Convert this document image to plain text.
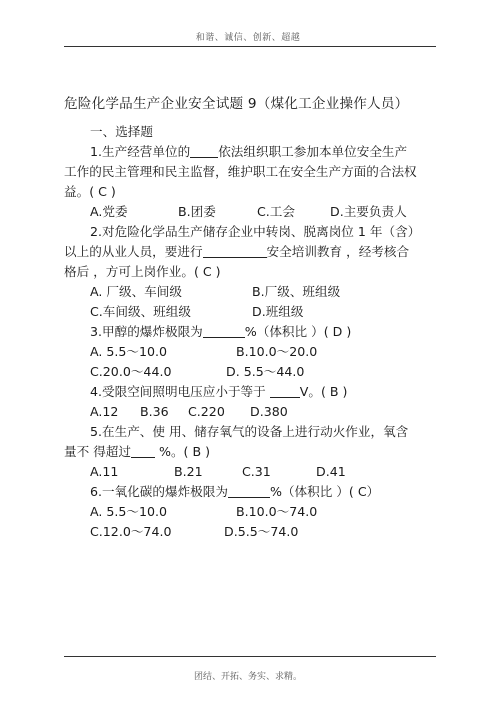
和谐、诚信、创新、超越
危险化学品生产企业安全试题 9（煤化工企业操作人员）
一、选择题
1.生产经营单位的 依法组织职工参加本单位安全生产
工作的民主管理和民主监督，维护职工在安全生产方面的合法权
益。( C )
A.党委	B.团委	C.工会	D.主要负责人
2.对危险化学品生产储存企业中转岗、脱离岗位 1 年（含）
以上的从业人员，要进行	安全培训教育 ，经考核合
格后 ，方可上岗作业。( C )
A. 厂级、车间级	B.厂级、班组级
C.车间级、班组级	D.班组级
3.甲醇的爆炸极限为	%（体积比 ）( D )
A. 5.5～10.0	B.10.0～20.0
C.20.0～44.0	D. 5.5～44.0
4.受限空间照明电压应小于等于 V。( B )
A.12 B.36 C.220 D.380
5.在生产、使 用、储存氧气的设备上进行动火作业，氧含
量不 得超过 %。( B )
A.11	B.21	C.31	D.41
6.一氧化碳的爆炸极限为	%（体积比 ）( C）
A. 5.5～10.0	B.10.0～74.0
C.12.0～74.0	D.5.5～74.0
团结、开拓、务实、求精。
